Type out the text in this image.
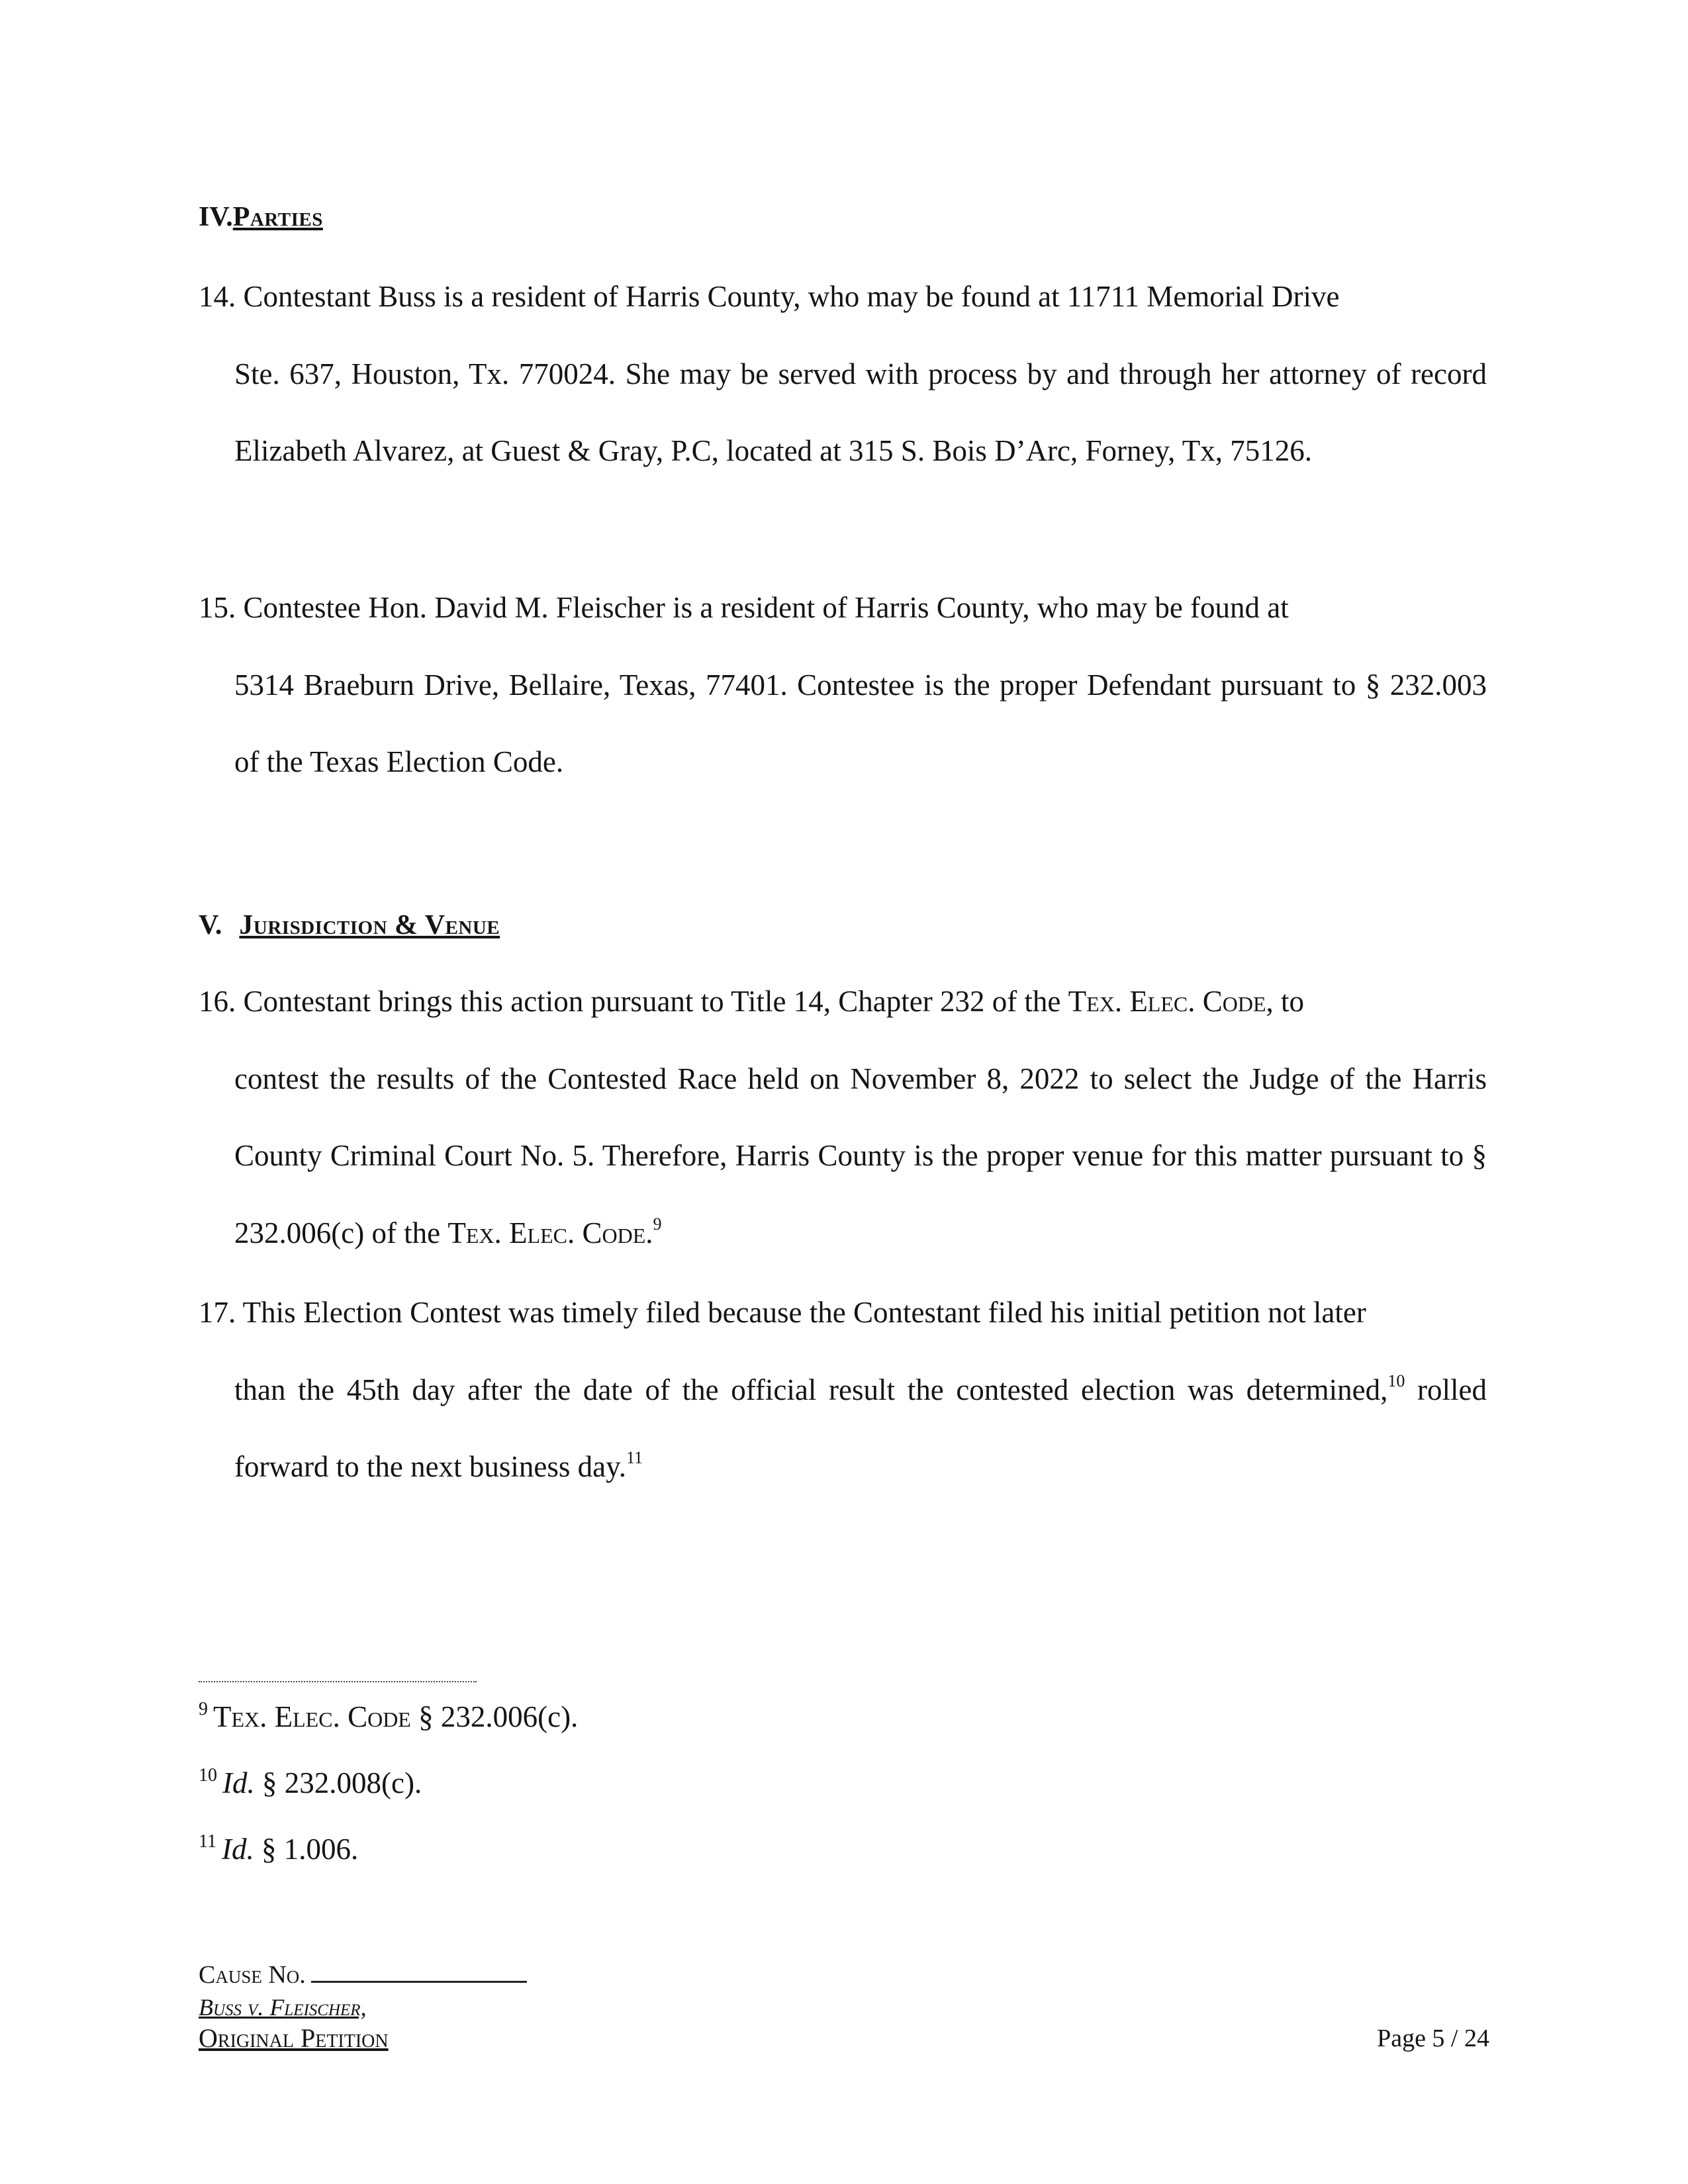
IV.Parties
14. Contestant Buss is a resident of Harris County, who may be found at 11711 Memorial Drive
Ste. 637, Houston, Tx. 770024. She may be served with process by and through her attorney of record Elizabeth Alvarez, at Guest & Gray, P.C, located at 315 S. Bois D’Arc, Forney, Tx, 75126.
15. Contestee Hon. David M. Fleischer is a resident of Harris County, who may be found at
5314 Braeburn Drive, Bellaire, Texas, 77401. Contestee is the proper Defendant pursuant to § 232.003 of the Texas Election Code.
V. Jurisdiction & Venue
16. Contestant brings this action pursuant to Title 14, Chapter 232 of the Tex. Elec. Code, to
contest the results of the Contested Race held on November 8, 2022 to select the Judge of the Harris County Criminal Court No. 5. Therefore, Harris County is the proper venue for this matter pursuant to § 232.006(c) of the Tex. Elec. Code.$^9$
17. This Election Contest was timely filed because the Contestant filed his initial petition not later
than the 45th day after the date of the official result the contested election was determined,$^{10}$ rolled forward to the next business day.$^{11}$
$^9$ Tex. Elec. Code § 232.006(c).
$^{10}$ Id. § 232.008(c).
$^{11}$ Id. § 1.006.
Cause No.
Buss v. Fleischer,
Original Petition	Page 5 / 24
